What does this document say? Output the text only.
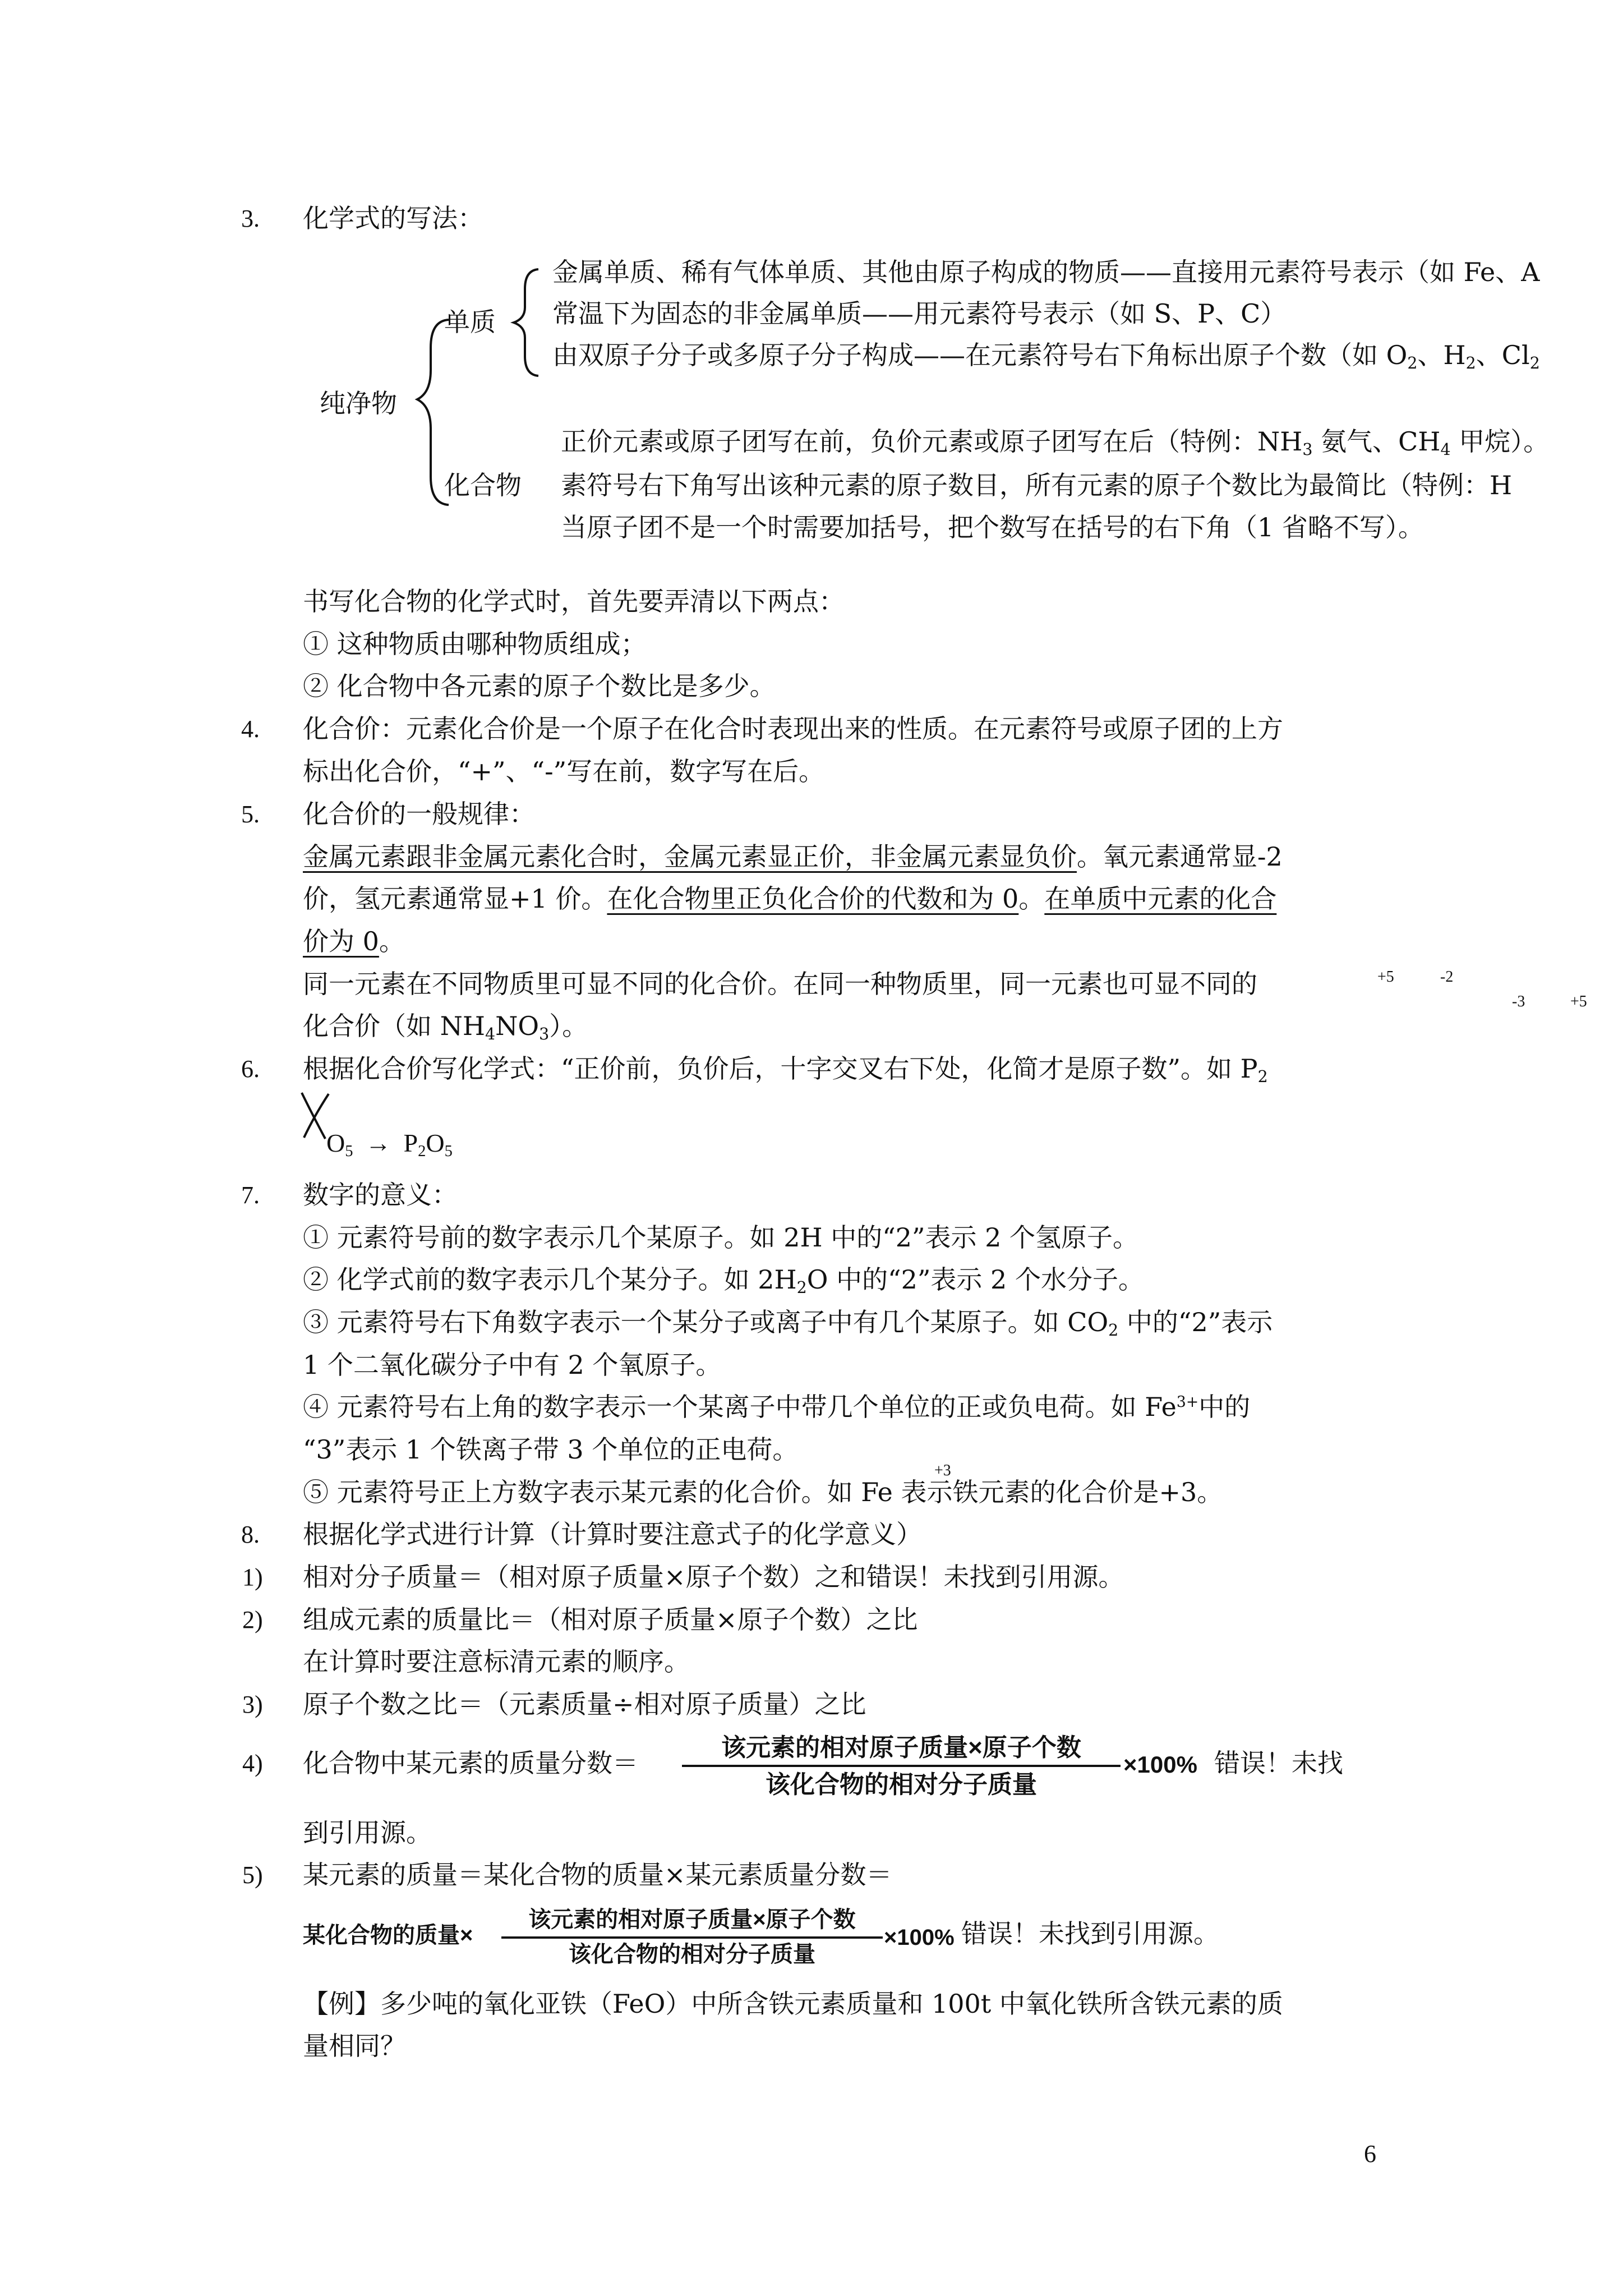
3. 化学式的写法：
纯净物
单质
金属单质、稀有气体单质、其他由原子构成的物质——直接用元素符号表示（如 Fe、A
常温下为固态的非金属单质——用元素符号表示（如 S、P、C）
由双原子分子或多原子分子构成——在元素符号右下角标出原子个数（如 $O_2$、$H_2$、$Cl_2$
化合物
正价元素或原子团写在前，负价元素或原子团写在后（特例：$NH_3$ 氨气、$CH_4$ 甲烷）。
素符号右下角写出该种元素的原子数目，所有元素的原子个数比为最简比（特例：H
当原子团不是一个时需要加括号，把个数写在括号的右下角（1 省略不写）。
书写化合物的化学式时，首先要弄清以下两点：
① 这种物质由哪种物质组成；
② 化合物中各元素的原子个数比是多少。
4. 化合价：元素化合价是一个原子在化合时表现出来的性质。在元素符号或原子团的上方
标出化合价，“+”、“-”写在前，数字写在后。
5. 化合价的一般规律：
金属元素跟非金属元素化合时，金属元素显正价，非金属元素显负价。氧元素通常显-2
价，氢元素通常显+1 价。在化合物里正负化合价的代数和为 0。在单质中元素的化合
价为 0。
同一元素在不同物质里可显不同的化合价。在同一种物质里，同一元素也可显不同的
化合价（如 $NH_4NO_3$）。
+5	-2
-3	+5
6. 根据化合价写化学式：“正价前，负价后，十字交叉右下处，化简才是原子数”。如 $P_2$
$O_5 \to P_2O_5$
7. 数字的意义：
① 元素符号前的数字表示几个某原子。如 2H 中的“2”表示 2 个氢原子。
② 化学式前的数字表示几个某分子。如 $2H_2O$ 中的“2”表示 2 个水分子。
③ 元素符号右下角数字表示一个某分子或离子中有几个某原子。如 $CO_2$ 中的“2”表示
1 个二氧化碳分子中有 2 个氧原子。
④ 元素符号右上角的数字表示一个某离子中带几个单位的正或负电荷。如 $Fe^{3+}$中的
“3”表示 1 个铁离子带 3 个单位的正电荷。
+3
⑤ 元素符号正上方数字表示某元素的化合价。如 Fe 表示铁元素的化合价是+3。
8. 根据化学式进行计算（计算时要注意式子的化学意义）
1) 相对分子质量＝（相对原子质量×原子个数）之和错误！未找到引用源。
2) 组成元素的质量比＝（相对原子质量×原子个数）之比
在计算时要注意标清元素的顺序。
3) 原子个数之比＝（元素质量÷相对原子质量）之比
4) 化合物中某元素的质量分数＝
该元素的相对原子质量×原子个数
该化合物的相对分子质量
×100% 错误！未找
到引用源。
5) 某元素的质量＝某化合物的质量×某元素质量分数＝
某化合物的质量×
该元素的相对原子质量×原子个数
该化合物的相对分子质量
×100% 错误！未找到引用源。
【例】多少吨的氧化亚铁（FeO）中所含铁元素质量和 100t 中氧化铁所含铁元素的质
量相同？
6
